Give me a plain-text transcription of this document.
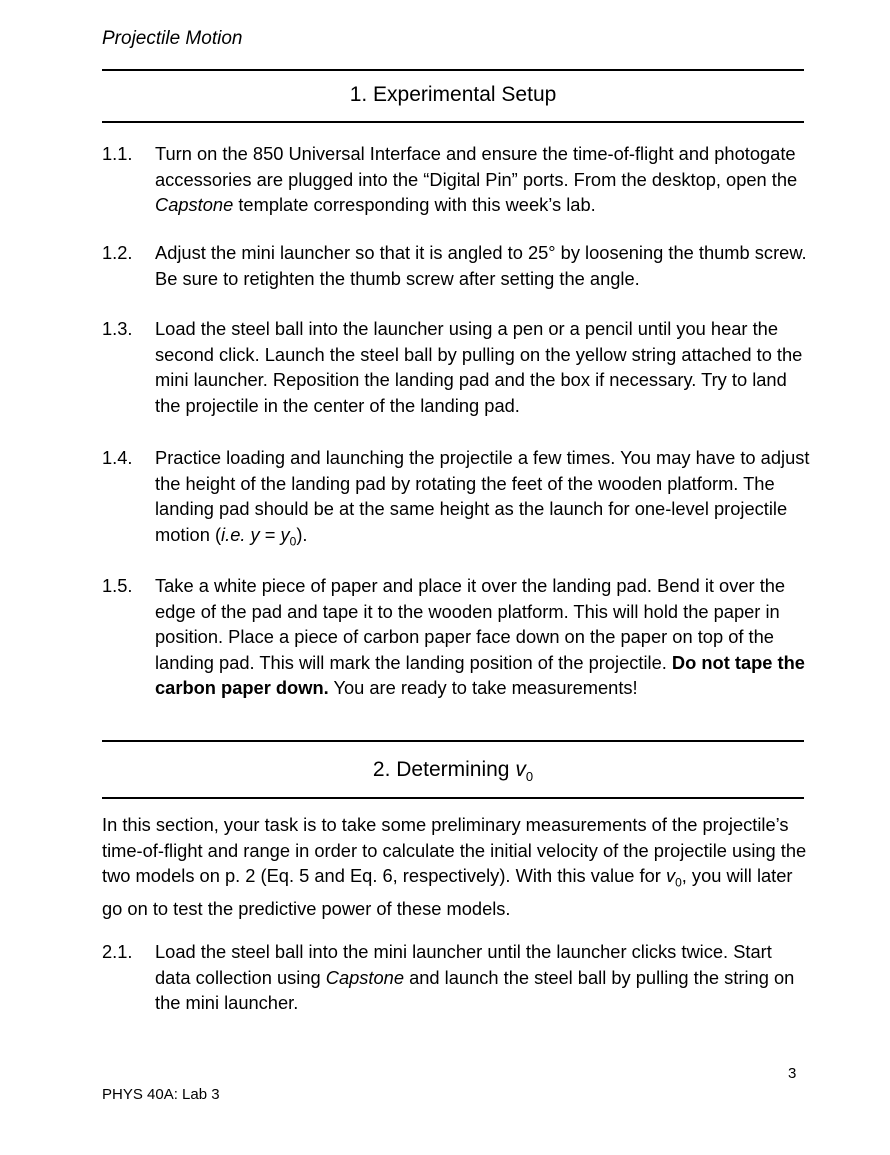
Projectile Motion
1. Experimental Setup
1.1. Turn on the 850 Universal Interface and ensure the time-of-flight and photogate accessories are plugged into the “Digital Pin” ports. From the desktop, open the Capstone template corresponding with this week’s lab.
1.2. Adjust the mini launcher so that it is angled to 25° by loosening the thumb screw. Be sure to retighten the thumb screw after setting the angle.
1.3. Load the steel ball into the launcher using a pen or a pencil until you hear the second click. Launch the steel ball by pulling on the yellow string attached to the mini launcher. Reposition the landing pad and the box if necessary. Try to land the projectile in the center of the landing pad.
1.4. Practice loading and launching the projectile a few times. You may have to adjust the height of the landing pad by rotating the feet of the wooden platform. The landing pad should be at the same height as the launch for one-level projectile motion (i.e. $y = y_0$).
1.5. Take a white piece of paper and place it over the landing pad. Bend it over the edge of the pad and tape it to the wooden platform. This will hold the paper in position. Place a piece of carbon paper face down on the paper on top of the landing pad. This will mark the landing position of the projectile. Do not tape the carbon paper down. You are ready to take measurements!
2. Determining $v_0$
In this section, your task is to take some preliminary measurements of the projectile’s time-of-flight and range in order to calculate the initial velocity of the projectile using the two models on p. 2 (Eq. 5 and Eq. 6, respectively). With this value for $v_0$, you will later go on to test the predictive power of these models.
2.1. Load the steel ball into the mini launcher until the launcher clicks twice. Start data collection using Capstone and launch the steel ball by pulling the string on the mini launcher.
3
PHYS 40A: Lab 3
